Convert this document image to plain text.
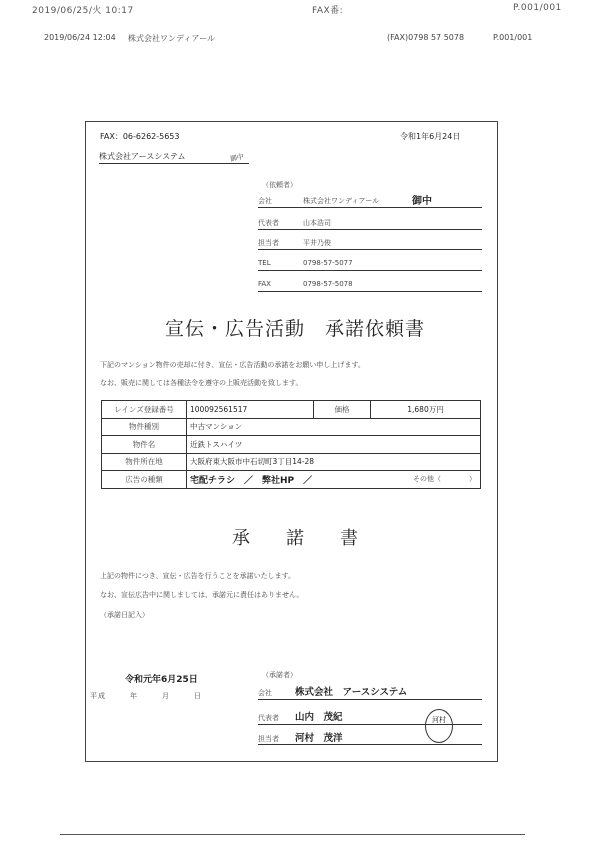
2019/06/25/火 10:17	FAX番:	P.001/001
2019/06/24 12:04 株式会社ワンディアール	(FAX)0798 57 5078	P.001/001
FAX：06-6262-5653	令和1年6月24日
株式会社アースシステム	御中
（依頼者）
会社	株式会社ワンディアール	御中
代表者	山本浩司
担当者	平井乃俊
TEL	0798-57-5077
FAX	0798-57-5078
宣伝・広告活動　承諾依頼書
下記のマンション物件の売却に付き、宣伝・広告活動の承諾をお願い申し上げます。
なお、販売に関しては各種法令を遵守の上販売活動を致します。
レインズ登録番号	100092561517	価格	1,680万円
物件種別	中古マンション		
物件名	近鉄トスハイツ		
物件所在地	大阪府東大阪市中石切町3丁目14-28		
広告の種類	宅配チラシ　／　弊社HP　／ その他（　　　　）		
承　　諾　　書
上記の物件につき、宣伝・広告を行うことを承諾いたします。
なお、宣伝広告中に関しましては、承諾元に責任はありません。
（承諾日記入）
令和元年6月25日
平成　　　年　　　月　　　日
（承諾者）
会社 株式会社　アースシステム
代表者 山内　茂紀
担当者 河村　茂洋
河村
